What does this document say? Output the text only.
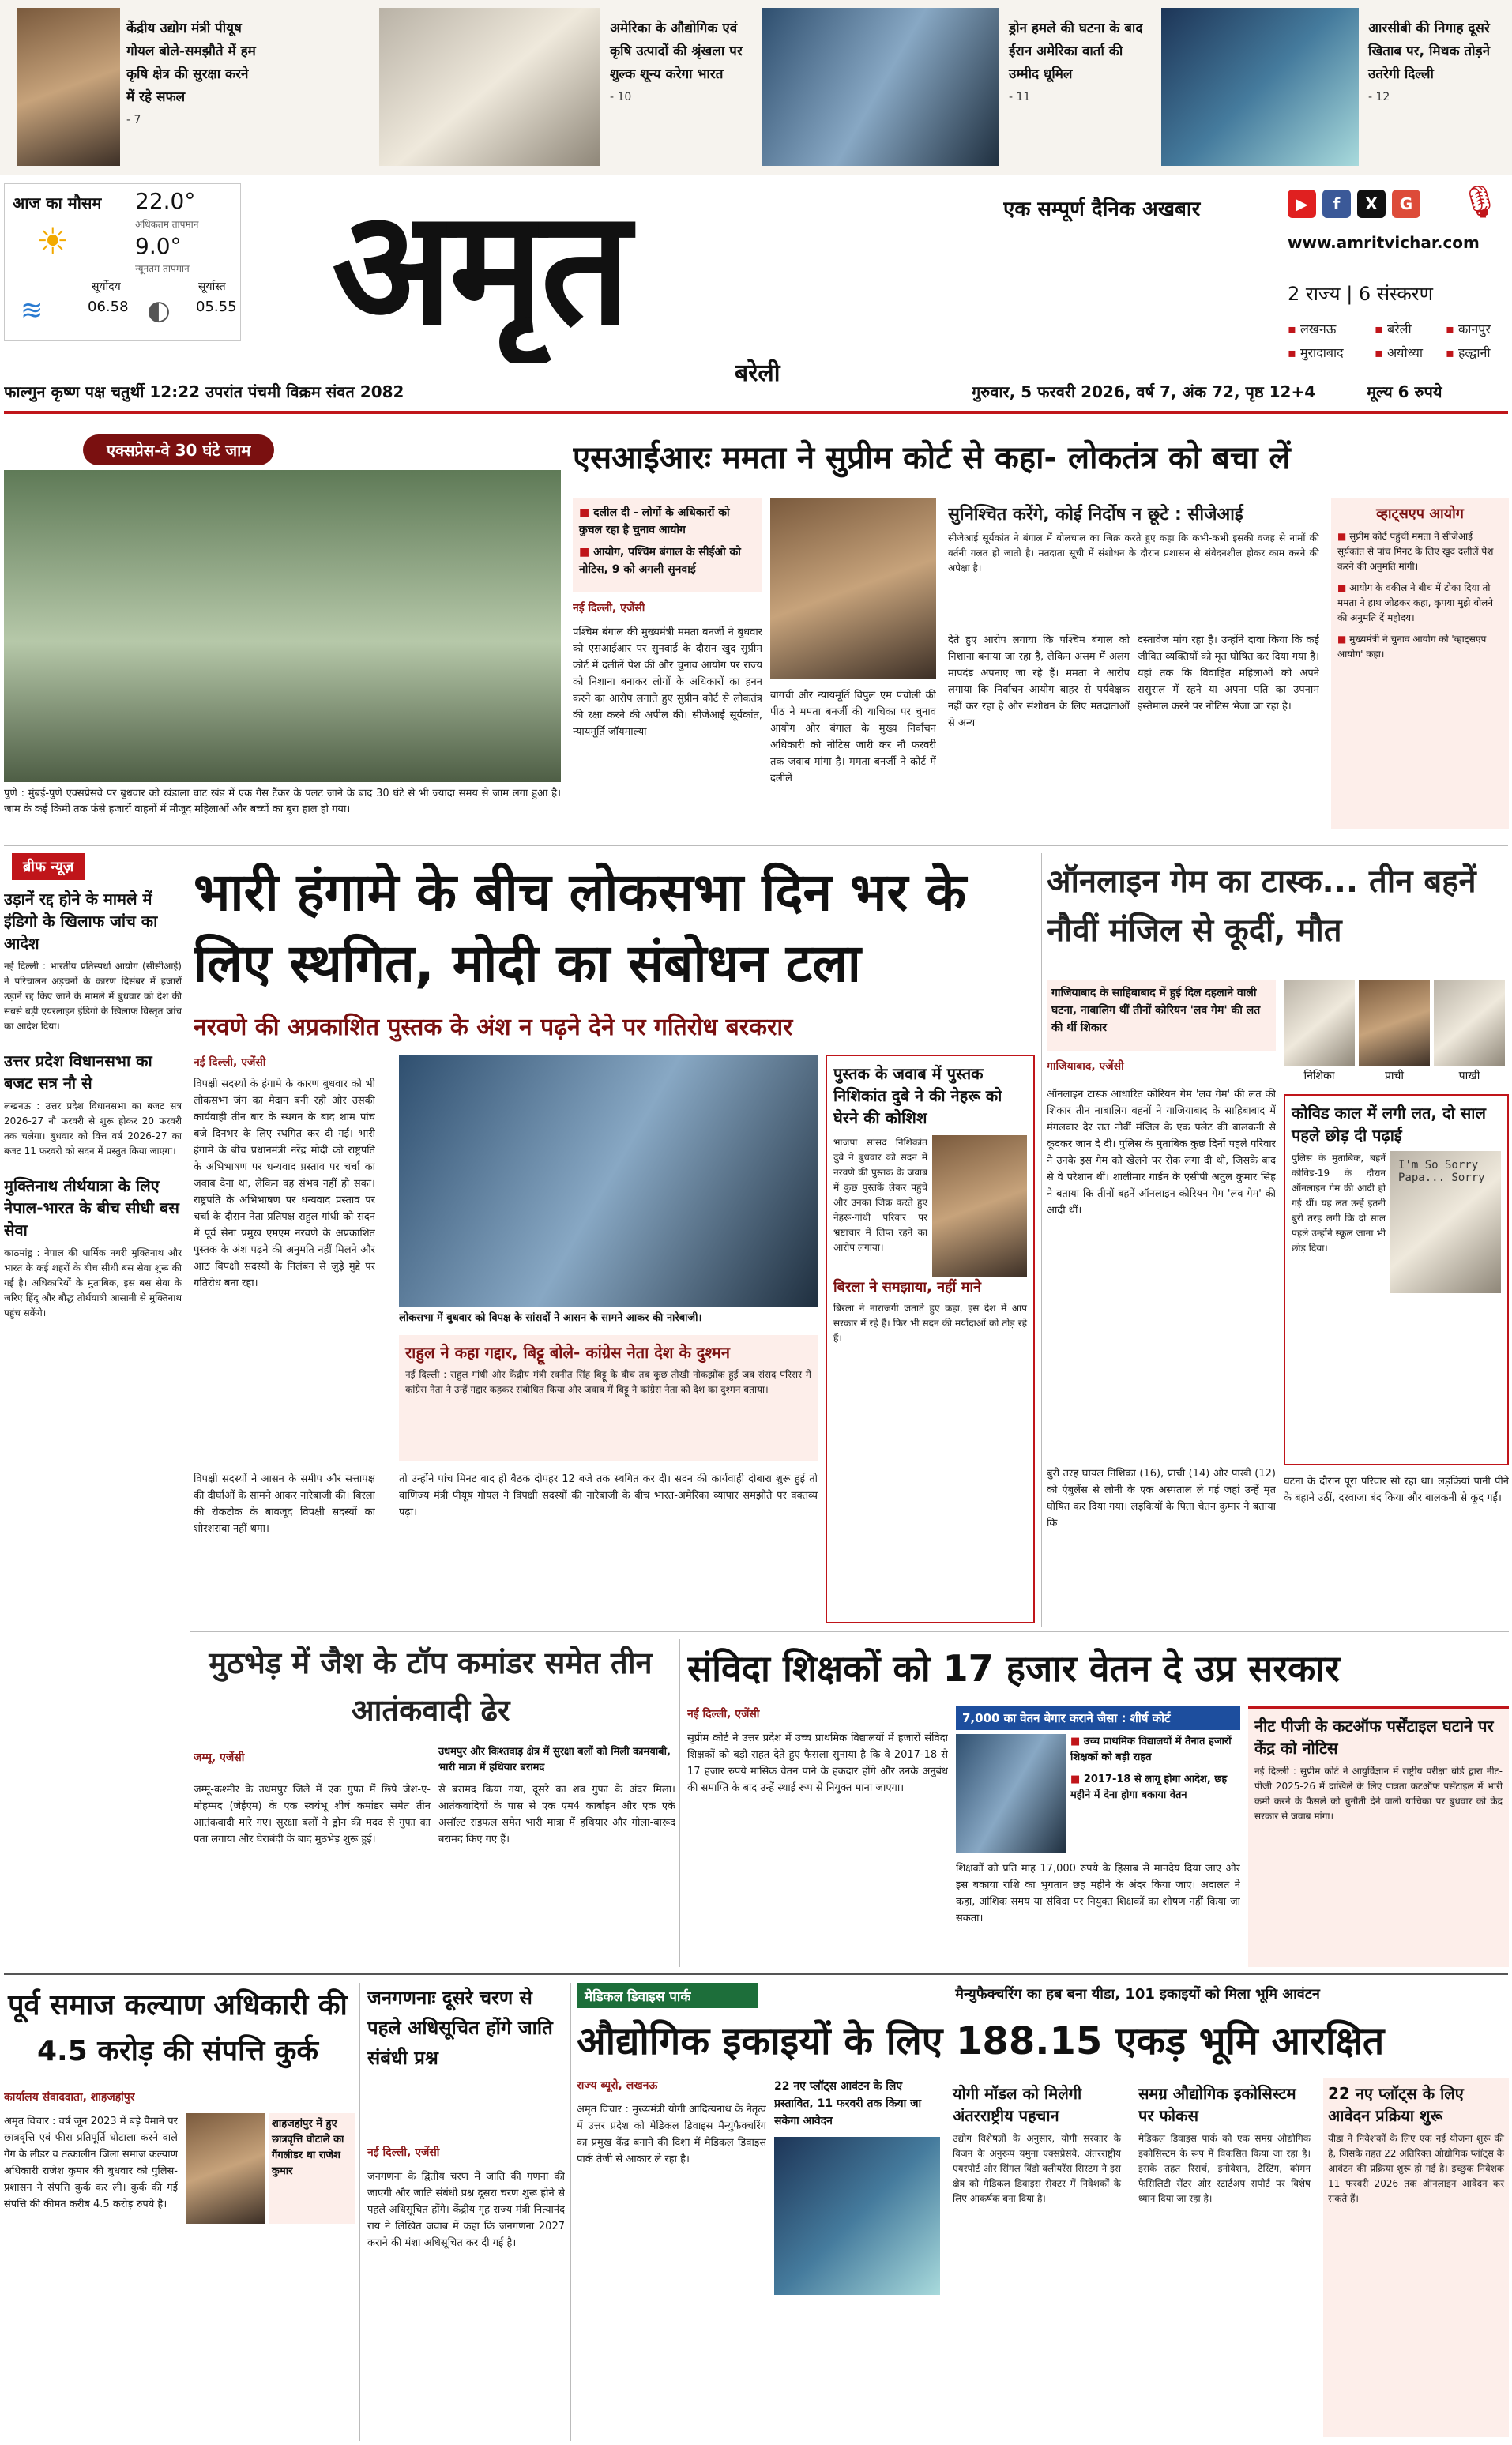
केंद्रीय उद्योग मंत्री पीयूष गोयल बोले-समझौते में हम कृषि क्षेत्र की सुरक्षा करने में रहे सफल
- 7
अमेरिका के औद्योगिक एवं कृषि उत्पादों की श्रृंखला पर शुल्क शून्य करेगा भारत
- 10
ड्रोन हमले की घटना के बाद ईरान अमेरिका वार्ता की उम्मीद धूमिल
- 11
आरसीबी की निगाह दूसरे खिताब पर, मिथक तोड़ने उतरेगी दिल्ली
- 12
आज का मौसम 22.0°
अधिकतम तापमान
9.0°
न्यूनतम तापमान
☀
सूर्योदय
06.58
सूर्यास्त
05.55
≋	◐ अमृत
बरेली
एक सम्पूर्ण दैनिक अखबार	▶	f	X	G 🎙
www.amritvichar.com
2 राज्य | 6 संस्करण
▪ लखनऊ	▪ बरेली	▪ कानपुर
▪ मुरादाबाद	▪ अयोध्या	▪ हल्द्वानी
फाल्गुन कृष्ण पक्ष चतुर्थी 12:22 उपरांत पंचमी विक्रम संवत 2082	गुरुवार, 5 फरवरी 2026, वर्ष 7, अंक 72, पृष्ठ 12+4	मूल्य 6 रुपये
एक्सप्रेस-वे 30 घंटे जाम
पुणे : मुंबई-पुणे एक्सप्रेसवे पर बुधवार को खंडाला घाट खंड में एक गैस टैंकर के पलट जाने के बाद 30 घंटे से भी ज्यादा समय से जाम लगा हुआ है। जाम के कई किमी तक फंसे हजारों वाहनों में मौजूद महिलाओं और बच्चों का बुरा हाल हो गया।
एसआईआरः ममता ने सुप्रीम कोर्ट से कहा- लोकतंत्र को बचा लें
■ दलील दी - लोगों के अधिकारों को कुचल रहा है चुनाव आयोग
■ आयोग, पश्चिम बंगाल के सीईओ को नोटिस, 9 को अगली सुनवाई
नई दिल्ली, एजेंसी
पश्चिम बंगाल की मुख्यमंत्री ममता बनर्जी ने बुधवार को एसआईआर पर सुनवाई के दौरान खुद सुप्रीम कोर्ट में दलीलें पेश कीं और चुनाव आयोग पर राज्य को निशाना बनाकर लोगों के अधिकारों का हनन करने का आरोप लगाते हुए सुप्रीम कोर्ट से लोकतंत्र की रक्षा करने की अपील की। सीजेआई सूर्यकांत, न्यायमूर्ति जॉयमाल्या
बागची और न्यायमूर्ति विपुल एम पंचोली की पीठ ने ममता बनर्जी की याचिका पर चुनाव आयोग और बंगाल के मुख्य निर्वाचन अधिकारी को नोटिस जारी कर नौ फरवरी तक जवाब मांगा है। ममता बनर्जी ने कोर्ट में दलीलें
सुनिश्चित करेंगे, कोई निर्दोष न छूटे : सीजेआई
सीजेआई सूर्यकांत ने बंगाल में बोलचाल का जिक्र करते हुए कहा कि कभी-कभी इसकी वजह से नामों की वर्तनी गलत हो जाती है। मतदाता सूची में संशोधन के दौरान प्रशासन से संवेदनशील होकर काम करने की अपेक्षा है।
देते हुए आरोप लगाया कि पश्चिम बंगाल को निशाना बनाया जा रहा है, लेकिन असम में अलग मापदंड अपनाए जा रहे हैं। ममता ने आरोप लगाया कि निर्वाचन आयोग बाहर से पर्यवेक्षक नहीं कर रहा है और संशोधन के लिए मतदाताओं से अन्य
दस्तावेज मांग रहा है। उन्होंने दावा किया कि कई जीवित व्यक्तियों को मृत घोषित कर दिया गया है। यहां तक कि विवाहित महिलाओं को अपने ससुराल में रहने या अपना पति का उपनाम इस्तेमाल करने पर नोटिस भेजा जा रहा है।
व्हाट्सएप आयोग
■ सुप्रीम कोर्ट पहुंचीं ममता ने सीजेआई सूर्यकांत से पांच मिनट के लिए खुद दलीलें पेश करने की अनुमति मांगी।
■ आयोग के वकील ने बीच में टोका दिया तो ममता ने हाथ जोड़कर कहा, कृपया मुझे बोलने की अनुमति दें महोदय।
■ मुख्यमंत्री ने चुनाव आयोग को 'व्हाट्सएप आयोग' कहा।
ब्रीफ न्यूज़
उड़ानें रद्द होने के मामले में इंडिगो के खिलाफ जांच का आदेश
नई दिल्ली : भारतीय प्रतिस्पर्धा आयोग (सीसीआई) ने परिचालन अड़चनों के कारण दिसंबर में हजारों उड़ानें रद्द किए जाने के मामले में बुधवार को देश की सबसे बड़ी एयरलाइन इंडिगो के खिलाफ विस्तृत जांच का आदेश दिया।
उत्तर प्रदेश विधानसभा का बजट सत्र नौ से
लखनऊ : उत्तर प्रदेश विधानसभा का बजट सत्र 2026-27 नौ फरवरी से शुरू होकर 20 फरवरी तक चलेगा। बुधवार को वित्त वर्ष 2026-27 का बजट 11 फरवरी को सदन में प्रस्तुत किया जाएगा।
मुक्तिनाथ तीर्थयात्रा के लिए नेपाल-भारत के बीच सीधी बस सेवा
काठमांडू : नेपाल की धार्मिक नगरी मुक्तिनाथ और भारत के कई शहरों के बीच सीधी बस सेवा शुरू की गई है। अधिकारियों के मुताबिक, इस बस सेवा के जरिए हिंदू और बौद्ध तीर्थयात्री आसानी से मुक्तिनाथ पहुंच सकेंगे।
भारी हंगामे के बीच लोकसभा दिन भर के लिए स्थगित, मोदी का संबोधन टला
नरवणे की अप्रकाशित पुस्तक के अंश न पढ़ने देने पर गतिरोध बरकरार
नई दिल्ली, एजेंसी
विपक्षी सदस्यों के हंगामे के कारण बुधवार को भी लोकसभा जंग का मैदान बनी रही और उसकी कार्यवाही तीन बार के स्थगन के बाद शाम पांच बजे दिनभर के लिए स्थगित कर दी गई। भारी हंगामे के बीच प्रधानमंत्री नरेंद्र मोदी को राष्ट्रपति के अभिभाषण पर धन्यवाद प्रस्ताव पर चर्चा का जवाब देना था, लेकिन वह संभव नहीं हो सका। राष्ट्रपति के अभिभाषण पर धन्यवाद प्रस्ताव पर चर्चा के दौरान नेता प्रतिपक्ष राहुल गांधी को सदन में पूर्व सेना प्रमुख एमएम नरवणे के अप्रकाशित पुस्तक के अंश पढ़ने की अनुमति नहीं मिलने और आठ विपक्षी सदस्यों के निलंबन से जुड़े मुद्दे पर गतिरोध बना रहा।
लोकसभा में बुधवार को विपक्ष के सांसदों ने आसन के सामने आकर की नारेबाजी।
राहुल ने कहा गद्दार, बिट्टू बोले- कांग्रेस नेता देश के दुश्मन
नई दिल्ली : राहुल गांधी और केंद्रीय मंत्री रवनीत सिंह बिट्टू के बीच तब कुछ तीखी नोकझोंक हुई जब संसद परिसर में कांग्रेस नेता ने उन्हें गद्दार कहकर संबोधित किया और जवाब में बिट्टू ने कांग्रेस नेता को देश का दुश्मन बताया।
विपक्षी सदस्यों ने आसन के समीप और सत्तापक्ष की दीर्घाओं के सामने आकर नारेबाजी की। बिरला की रोकटोक के बावजूद विपक्षी सदस्यों का शोरशराबा नहीं थमा।
तो उन्होंने पांच मिनट बाद ही बैठक दोपहर 12 बजे तक स्थगित कर दी। सदन की कार्यवाही दोबारा शुरू हुई तो वाणिज्य मंत्री पीयूष गोयल ने विपक्षी सदस्यों की नारेबाजी के बीच भारत-अमेरिका व्यापार समझौते पर वक्तव्य पढ़ा।
पुस्तक के जवाब में पुस्तक निशिकांत दुबे ने की नेहरू को घेरने की कोशिश
भाजपा सांसद निशिकांत दुबे ने बुधवार को सदन में नरवणे की पुस्तक के जवाब में कुछ पुस्तकें लेकर पहुंचे और उनका जिक्र करते हुए नेहरू-गांधी परिवार पर भ्रष्टाचार में लिप्त रहने का आरोप लगाया।
बिरला ने समझाया, नहीं माने
बिरला ने नाराजगी जताते हुए कहा, इस देश में आप सरकार में रहे हैं। फिर भी सदन की मर्यादाओं को तोड़ रहे हैं।
ऑनलाइन गेम का टास्क... तीन बहनें नौवीं मंजिल से कूदीं, मौत
गाजियाबाद के साहिबाबाद में हुई दिल दहलाने वाली घटना, नाबालिग थीं तीनों कोरियन 'लव गेम' की लत की थीं शिकार
गाजियाबाद, एजेंसी
निशिका	प्राची	पाखी
ऑनलाइन टास्क आधारित कोरियन गेम 'लव गेम' की लत की शिकार तीन नाबालिग बहनों ने गाजियाबाद के साहिबाबाद में मंगलवार देर रात नौवीं मंजिल के एक फ्लैट की बालकनी से कूदकर जान दे दी। पुलिस के मुताबिक कुछ दिनों पहले परिवार ने उनके इस गेम को खेलने पर रोक लगा दी थी, जिसके बाद से वे परेशान थीं। शालीमार गार्डन के एसीपी अतुल कुमार सिंह ने बताया कि तीनों बहनें ऑनलाइन कोरियन गेम 'लव गेम' की आदी थीं।
कोविड काल में लगी लत, दो साल पहले छोड़ दी पढ़ाई
I'm So Sorry Papa... Sorry
पुलिस के मुताबिक, बहनें कोविड-19 के दौरान ऑनलाइन गेम की आदी हो गई थीं। यह लत उन्हें इतनी बुरी तरह लगी कि दो साल पहले उन्होंने स्कूल जाना भी छोड़ दिया।
बुरी तरह घायल निशिका (16), प्राची (14) और पाखी (12) को एंबुलेंस से लोनी के एक अस्पताल ले गई जहां उन्हें मृत घोषित कर दिया गया। लड़कियों के पिता चेतन कुमार ने बताया कि
घटना के दौरान पूरा परिवार सो रहा था। लड़कियां पानी पीने के बहाने उठीं, दरवाजा बंद किया और बालकनी से कूद गईं।
मुठभेड़ में जैश के टॉप कमांडर समेत तीन आतंकवादी ढेर
जम्मू, एजेंसी	उधमपुर और किश्तवाड़ क्षेत्र में सुरक्षा बलों को मिली कामयाबी, भारी मात्रा में हथियार बरामद
जम्मू-कश्मीर के उधमपुर जिले में एक गुफा में छिपे जैश-ए-मोहम्मद (जेईएम) के एक स्वयंभू शीर्ष कमांडर समेत तीन आतंकवादी मारे गए। सुरक्षा बलों ने ड्रोन की मदद से गुफा का पता लगाया और घेराबंदी के बाद मुठभेड़ शुरू हुई।
से बरामद किया गया, दूसरे का शव गुफा के अंदर मिला। आतंकवादियों के पास से एक एम4 कार्बाइन और एक एके असॉल्ट राइफल समेत भारी मात्रा में हथियार और गोला-बारूद बरामद किए गए हैं।
संविदा शिक्षकों को 17 हजार वेतन दे उप्र सरकार
नई दिल्ली, एजेंसी
सुप्रीम कोर्ट ने उत्तर प्रदेश में उच्च प्राथमिक विद्यालयों में हजारों संविदा शिक्षकों को बड़ी राहत देते हुए फैसला सुनाया है कि वे 2017-18 से 17 हजार रुपये मासिक वेतन पाने के हकदार होंगे और उनके अनुबंध की समाप्ति के बाद उन्हें स्थाई रूप से नियुक्त माना जाएगा।
7,000 का वेतन बेगार कराने जैसा : शीर्ष कोर्ट
■ उच्च प्राथमिक विद्यालयों में तैनात हजारों शिक्षकों को बड़ी राहत
■ 2017-18 से लागू होगा आदेश, छह महीने में देना होगा बकाया वेतन
शिक्षकों को प्रति माह 17,000 रुपये के हिसाब से मानदेय दिया जाए और इस बकाया राशि का भुगतान छह महीने के अंदर किया जाए। अदालत ने कहा, आंशिक समय या संविदा पर नियुक्त शिक्षकों का शोषण नहीं किया जा सकता।
नीट पीजी के कटऑफ पर्सेंटाइल घटाने पर केंद्र को नोटिस
नई दिल्ली : सुप्रीम कोर्ट ने आयुर्विज्ञान में राष्ट्रीय परीक्षा बोर्ड द्वारा नीट-पीजी 2025-26 में दाखिले के लिए पात्रता कटऑफ पर्सेंटाइल में भारी कमी करने के फैसले को चुनौती देने वाली याचिका पर बुधवार को केंद्र सरकार से जवाब मांगा।
पूर्व समाज कल्याण अधिकारी की 4.5 करोड़ की संपत्ति कुर्क
कार्यालय संवाददाता, शाहजहांपुर
अमृत विचार : वर्ष जून 2023 में बड़े पैमाने पर छात्रवृत्ति एवं फीस प्रतिपूर्ति घोटाला करने वाले गैंग के लीडर व तत्कालीन जिला समाज कल्याण अधिकारी राजेश कुमार की बुधवार को पुलिस-प्रशासन ने संपत्ति कुर्क कर ली। कुर्क की गई संपत्ति की कीमत करीब 4.5 करोड़ रुपये है।
शाहजहांपुर में हुए छात्रवृत्ति घोटाले का गैंगलीडर था राजेश कुमार
जनगणनाः दूसरे चरण से पहले अधिसूचित होंगे जाति संबंधी प्रश्न
नई दिल्ली, एजेंसी
जनगणना के द्वितीय चरण में जाति की गणना की जाएगी और जाति संबंधी प्रश्न दूसरा चरण शुरू होने से पहले अधिसूचित होंगे। केंद्रीय गृह राज्य मंत्री नित्यानंद राय ने लिखित जवाब में कहा कि जनगणना 2027 कराने की मंशा अधिसूचित कर दी गई है।
मेडिकल डिवाइस पार्क	मैन्युफैक्चरिंग का हब बना यीडा, 101 इकाइयों को मिला भूमि आवंटन
औद्योगिक इकाइयों के लिए 188.15 एकड़ भूमि आरक्षित
राज्य ब्यूरो, लखनऊ
अमृत विचार : मुख्यमंत्री योगी आदित्यनाथ के नेतृत्व में उत्तर प्रदेश को मेडिकल डिवाइस मैन्युफैक्चरिंग का प्रमुख केंद्र बनाने की दिशा में मेडिकल डिवाइस पार्क तेजी से आकार ले रहा है।
22 नए प्लॉट्स आवंटन के लिए प्रस्तावित, 11 फरवरी तक किया जा सकेगा आवेदन
योगी मॉडल को मिलेगी अंतरराष्ट्रीय पहचान
उद्योग विशेषज्ञों के अनुसार, योगी सरकार के विजन के अनुरूप यमुना एक्सप्रेसवे, अंतरराष्ट्रीय एयरपोर्ट और सिंगल-विंडो क्लीयरेंस सिस्टम ने इस क्षेत्र को मेडिकल डिवाइस सेक्टर में निवेशकों के लिए आकर्षक बना दिया है।
समग्र औद्योगिक इकोसिस्टम पर फोकस
मेडिकल डिवाइस पार्क को एक समग्र औद्योगिक इकोसिस्टम के रूप में विकसित किया जा रहा है। इसके तहत रिसर्च, इनोवेशन, टेस्टिंग, कॉमन फैसिलिटी सेंटर और स्टार्टअप सपोर्ट पर विशेष ध्यान दिया जा रहा है।
22 नए प्लॉट्स के लिए आवेदन प्रक्रिया शुरू
यीडा ने निवेशकों के लिए एक नई योजना शुरू की है, जिसके तहत 22 अतिरिक्त औद्योगिक प्लॉट्स के आवंटन की प्रक्रिया शुरू हो गई है। इच्छुक निवेशक 11 फरवरी 2026 तक ऑनलाइन आवेदन कर सकते हैं।
